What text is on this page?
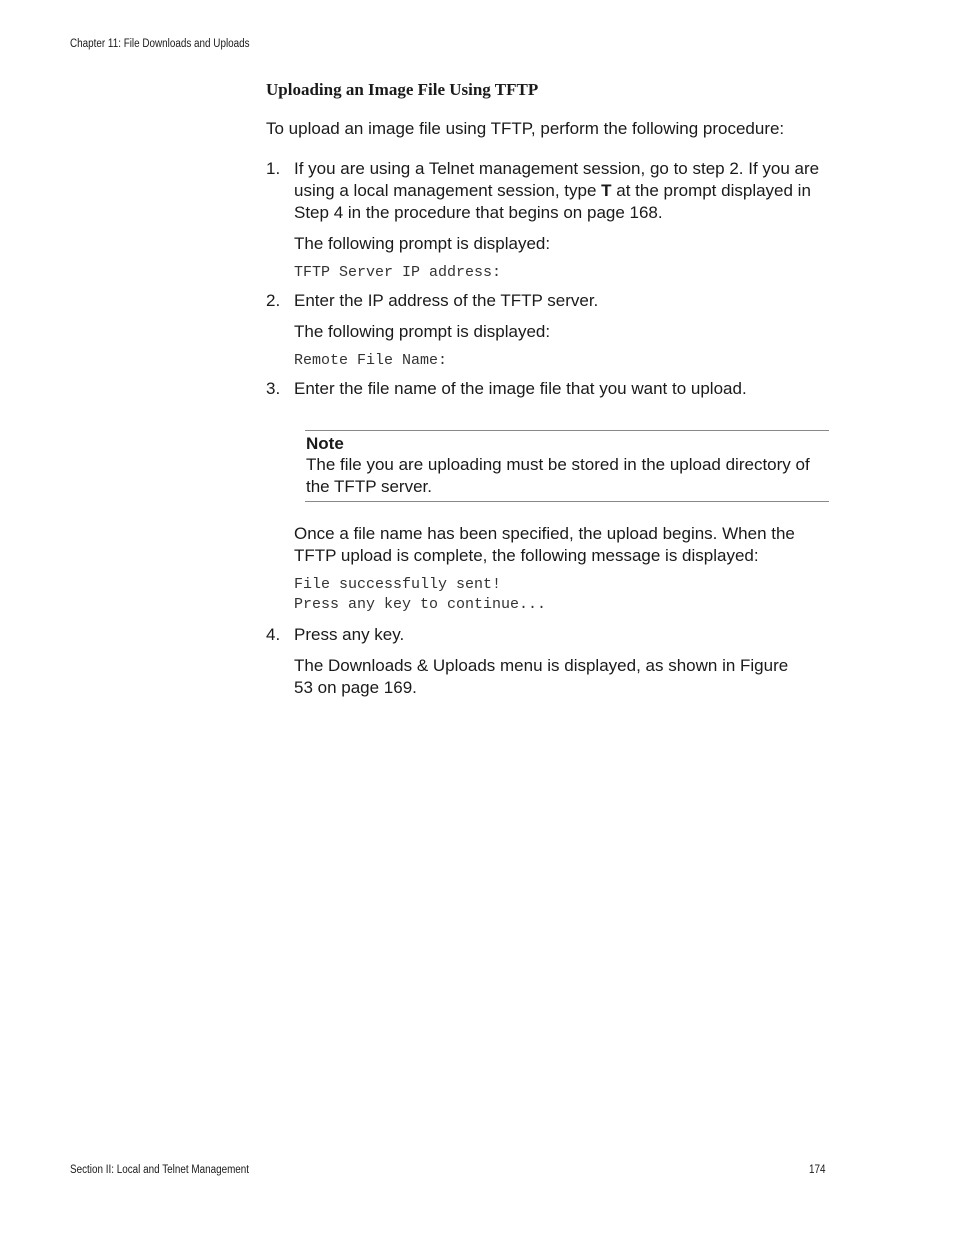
Chapter 11: File Downloads and Uploads
Uploading an Image File Using TFTP

To upload an image file using TFTP, perform the following procedure:

1. If you are using a Telnet management session, go to step 2. If you are using a local management session, type T at the prompt displayed in Step 4 in the procedure that begins on page 168.

The following prompt is displayed:

TFTP Server IP address:
2. Enter the IP address of the TFTP server.

The following prompt is displayed:

Remote File Name:
3. Enter the file name of the image file that you want to upload.

Note
The file you are uploading must be stored in the upload directory of the TFTP server.

Once a file name has been specified, the upload begins. When the TFTP upload is complete, the following message is displayed:

File successfully sent!
Press any key to continue...
4. Press any key.

The Downloads & Uploads menu is displayed, as shown in Figure 53 on page 169.

Section II: Local and Telnet Management	174
